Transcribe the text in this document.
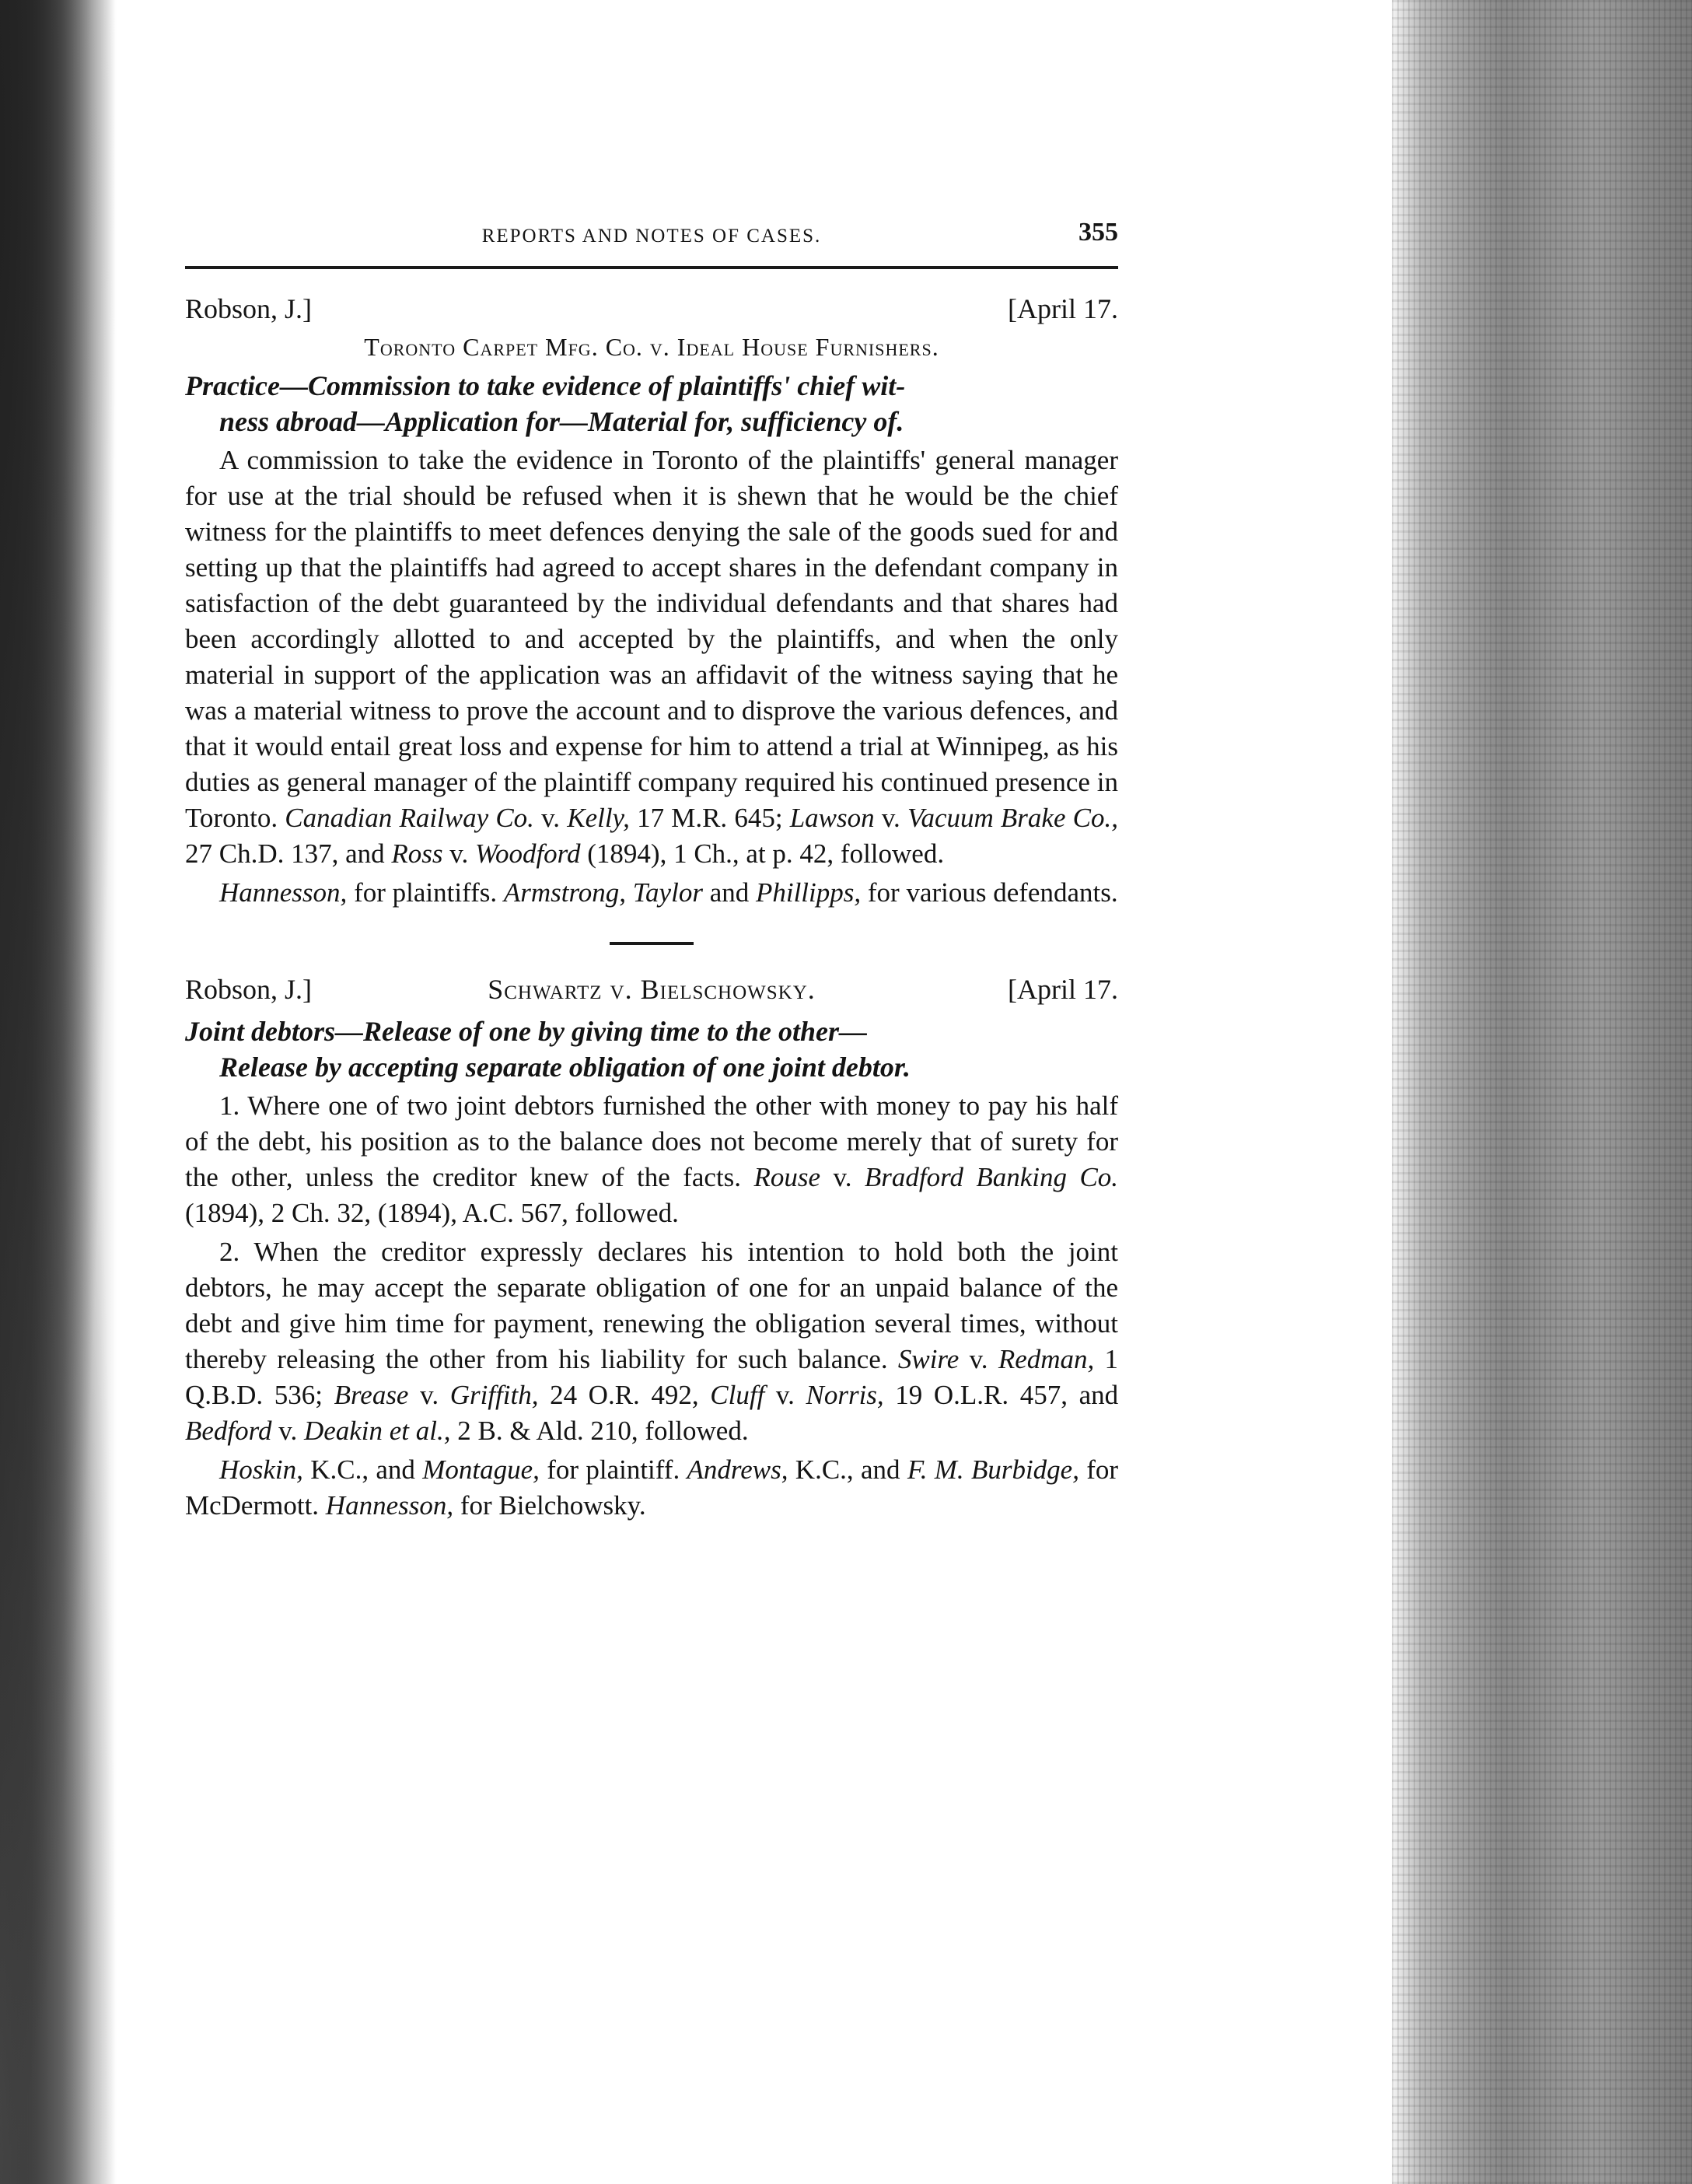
REPORTS AND NOTES OF CASES.	355
Robson, J.]	[April 17.
Toronto Carpet Mfg. Co. v. Ideal House Furnishers.
Practice—Commission to take evidence of plaintiffs' chief wit-
ness abroad—Application for—Material for, sufficiency of.

A commission to take the evidence in Toronto of the plaintiffs' general manager for use at the trial should be refused when it is shewn that he would be the chief witness for the plaintiffs to meet defences denying the sale of the goods sued for and setting up that the plaintiffs had agreed to accept shares in the defendant company in satisfaction of the debt guaranteed by the individual defendants and that shares had been accordingly allotted to and accepted by the plaintiffs, and when the only material in support of the application was an affidavit of the witness saying that he was a material witness to prove the account and to disprove the various defences, and that it would entail great loss and expense for him to attend a trial at Winnipeg, as his duties as general manager of the plaintiff company required his continued presence in Toronto. Canadian Railway Co. v. Kelly, 17 M.R. 645; Lawson v. Vacuum Brake Co., 27 Ch.D. 137, and Ross v. Woodford (1894), 1 Ch., at p. 42, followed.

Hannesson, for plaintiffs. Armstrong, Taylor and Phillipps, for various defendants.

Robson, J.]	Schwartz v. Bielschowsky.	[April 17.
Joint debtors—Release of one by giving time to the other—
Release by accepting separate obligation of one joint debtor.

1. Where one of two joint debtors furnished the other with money to pay his half of the debt, his position as to the balance does not become merely that of surety for the other, unless the creditor knew of the facts. Rouse v. Bradford Banking Co. (1894), 2 Ch. 32, (1894), A.C. 567, followed.

2. When the creditor expressly declares his intention to hold both the joint debtors, he may accept the separate obligation of one for an unpaid balance of the debt and give him time for payment, renewing the obligation several times, without thereby releasing the other from his liability for such balance. Swire v. Redman, 1 Q.B.D. 536; Brease v. Griffith, 24 O.R. 492, Cluff v. Norris, 19 O.L.R. 457, and Bedford v. Deakin et al., 2 B. & Ald. 210, followed.

Hoskin, K.C., and Montague, for plaintiff. Andrews, K.C., and F. M. Burbidge, for McDermott. Hannesson, for Bielchowsky.
